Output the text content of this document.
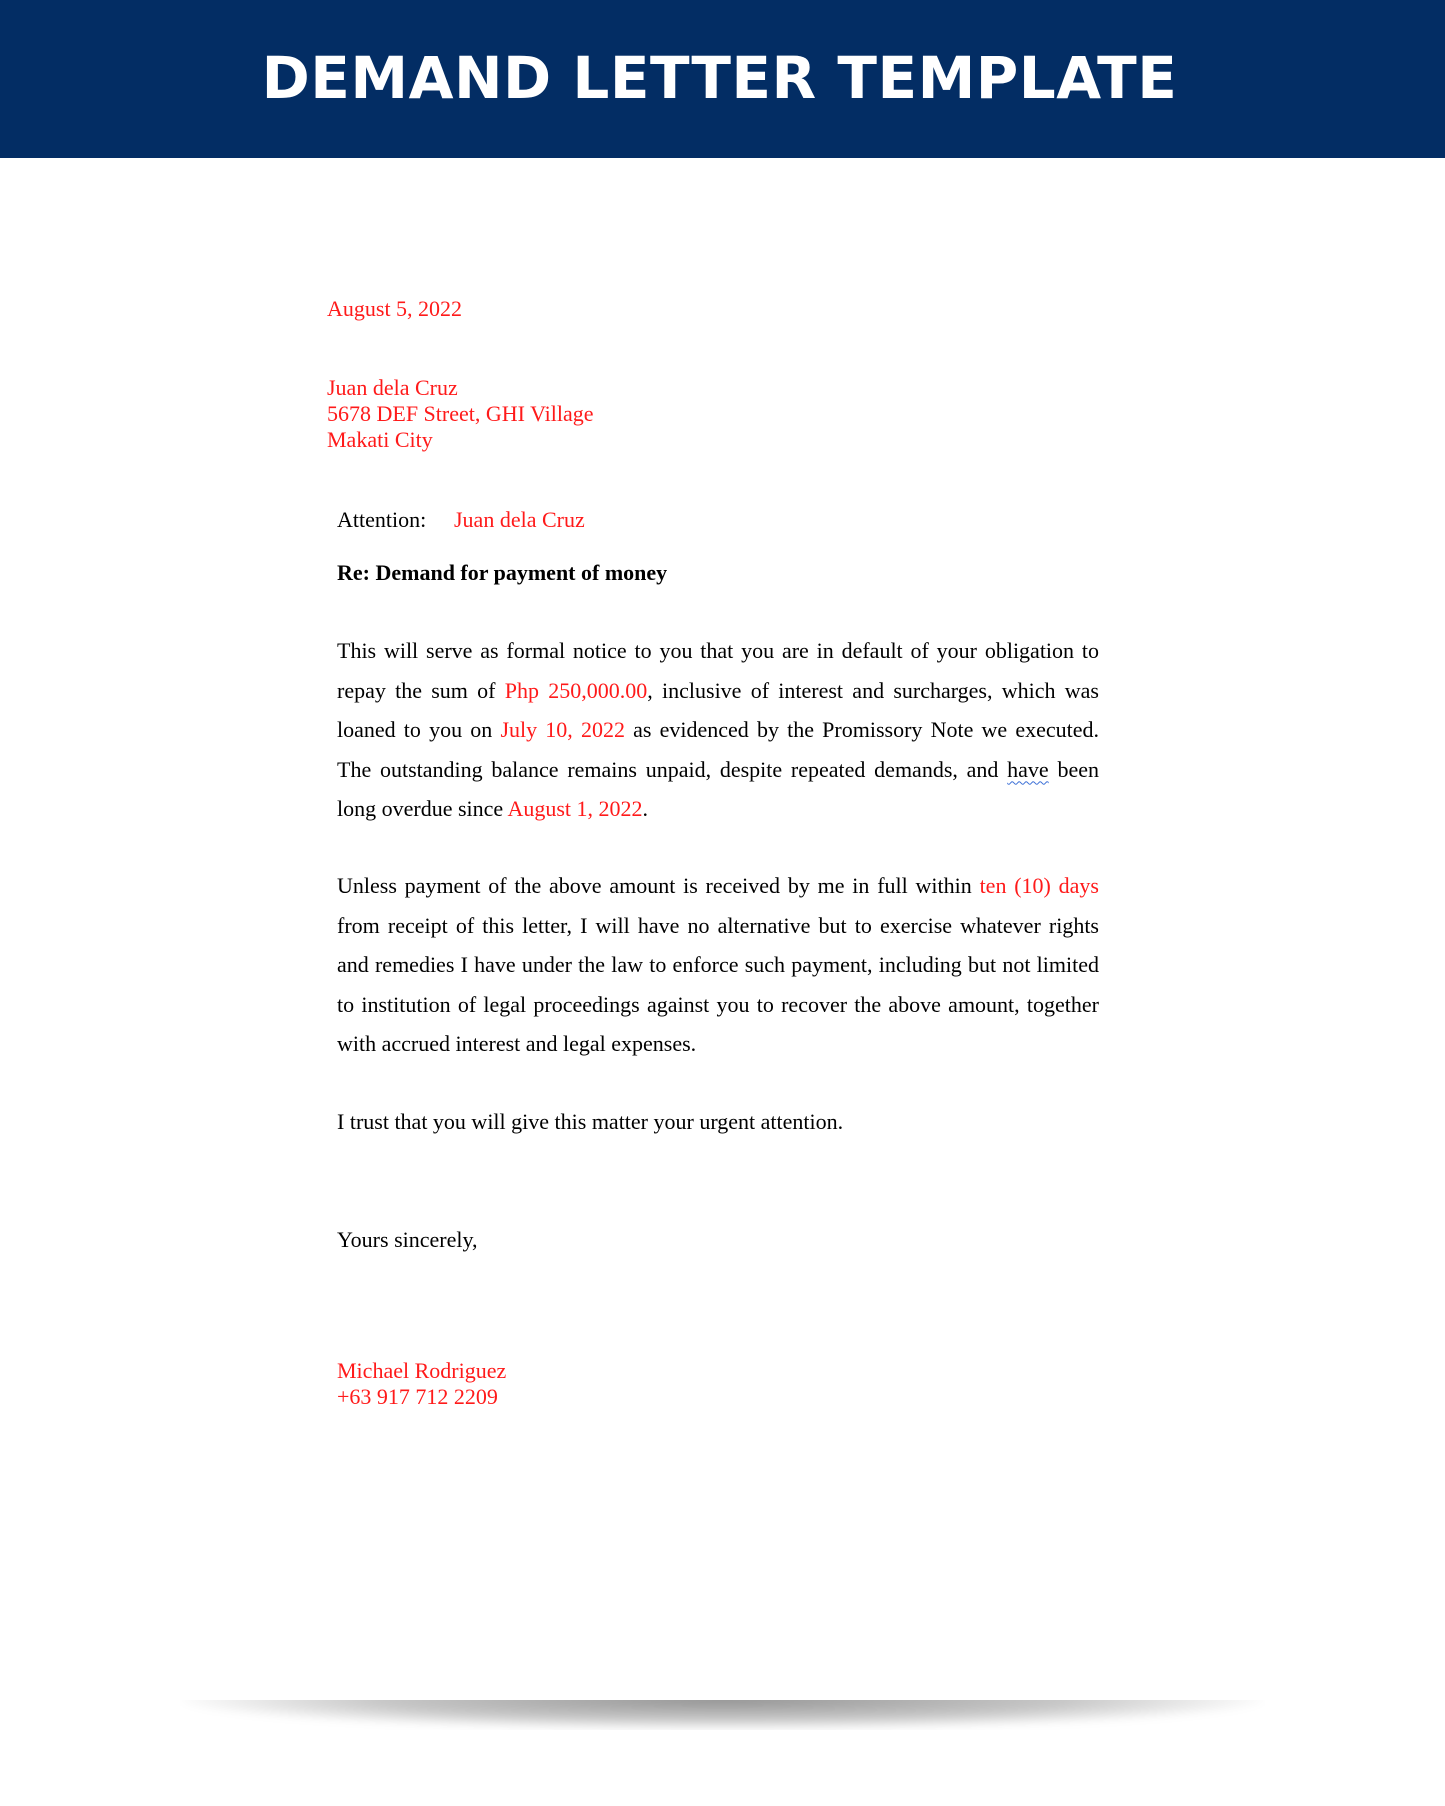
DEMAND LETTER TEMPLATE
August 5, 2022
Juan dela Cruz
5678 DEF Street, GHI Village
Makati City
Attention: Juan dela Cruz
Re: Demand for payment of money
This will serve as formal notice to you that you are in default of your obligation to repay the sum of Php 250,000.00, inclusive of interest and surcharges, which was loaned to you on July 10, 2022 as evidenced by the Promissory Note we executed. The outstanding balance remains unpaid, despite repeated demands, and have been long overdue since August 1, 2022.
Unless payment of the above amount is received by me in full within ten (10) days from receipt of this letter, I will have no alternative but to exercise whatever rights and remedies I have under the law to enforce such payment, including but not limited to institution of legal proceedings against you to recover the above amount, together with accrued interest and legal expenses.
I trust that you will give this matter your urgent attention.
Yours sincerely,
Michael Rodriguez
+63 917 712 2209
